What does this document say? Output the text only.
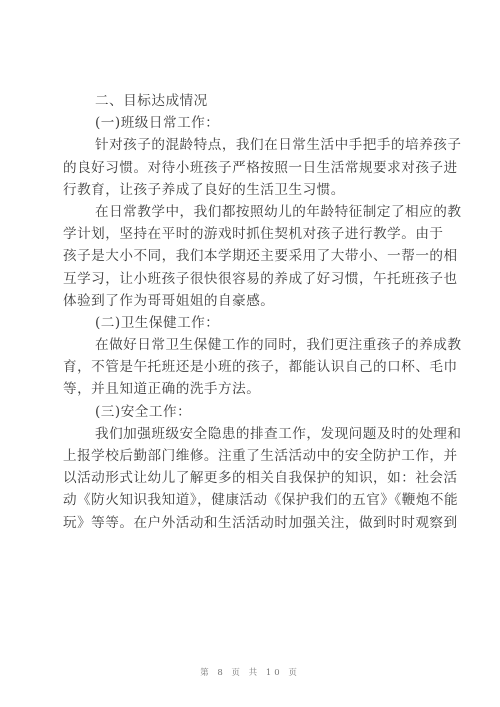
二、目标达成情况
(一)班级日常工作：
针对孩子的混龄特点，我们在日常生活中手把手的培养孩子
的良好习惯。对待小班孩子严格按照一日生活常规要求对孩子进
行教育，让孩子养成了良好的生活卫生习惯。
在日常教学中，我们都按照幼儿的年龄特征制定了相应的教
学计划，坚持在平时的游戏时抓住契机对孩子进行教学。由于
孩子是大小不同，我们本学期还主要采用了大带小、一帮一的相
互学习，让小班孩子很快很容易的养成了好习惯，午托班孩子也
体验到了作为哥哥姐姐的自豪感。
(二)卫生保健工作：
在做好日常卫生保健工作的同时，我们更注重孩子的养成教
育，不管是午托班还是小班的孩子，都能认识自己的口杯、毛巾
等，并且知道正确的洗手方法。
(三)安全工作：
我们加强班级安全隐患的排查工作，发现问题及时的处理和
上报学校后勤部门维修。注重了生活活动中的安全防护工作，并
以活动形式让幼儿了解更多的相关自我保护的知识，如：社会活
动《防火知识我知道》，健康活动《保护我们的五官》《鞭炮不能
玩》等等。在户外活动和生活活动时加强关注，做到时时观察到
第 8 页 共 10 页
